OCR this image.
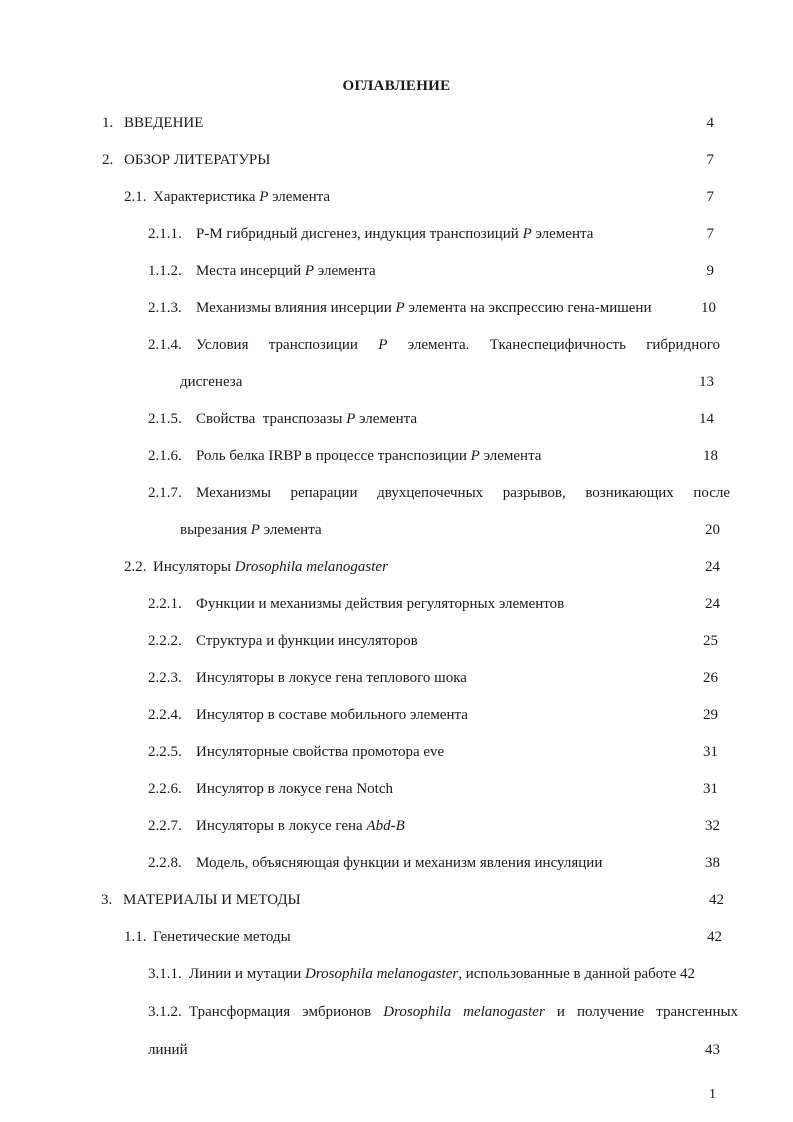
ОГЛАВЛЕНИЕ
1. ВВЕДЕНИЕ	4
2. ОБЗОР ЛИТЕРАТУРЫ	7
2.1. Характеристика P элемента	7
2.1.1. P-M гибридный дисгенез, индукция транспозиций P элемента	7
1.1.2. Места инсерций P элемента	9
2.1.3. Механизмы влияния инсерции P элемента на экспрессию гена-мишени	10
2.1.4. Условия транспозиции P элемента. Тканеспецифичность гибридного
дисгенеза	13
2.1.5. Свойства  транспозазы P элемента	14
2.1.6. Роль белка IRBP в процессе транспозиции P элемента	18
2.1.7. Механизмы репарации двухцепочечных разрывов, возникающих после
вырезания P элемента	20
2.2. Инсуляторы Drosophila melanogaster	24
2.2.1. Функции и механизмы действия регуляторных элементов	24
2.2.2. Структура и функции инсуляторов	25
2.2.3. Инсуляторы в локусе гена теплового шока	26
2.2.4. Инсулятор в составе мобильного элемента	29
2.2.5. Инсуляторные свойства промотора eve	31
2.2.6. Инсулятор в локусе гена Notch	31
2.2.7. Инсуляторы в локусе гена Abd-B	32
2.2.8. Модель, объясняющая функции и механизм явления инсуляции	38
3. МАТЕРИАЛЫ И МЕТОДЫ	42
1.1. Генетические методы	42
3.1.1. Линии и мутации Drosophila melanogaster, использованные в данной работе 42
3.1.2. Трансформация эмбрионов Drosophila melanogaster и получение трансгенных
линий	43
1
